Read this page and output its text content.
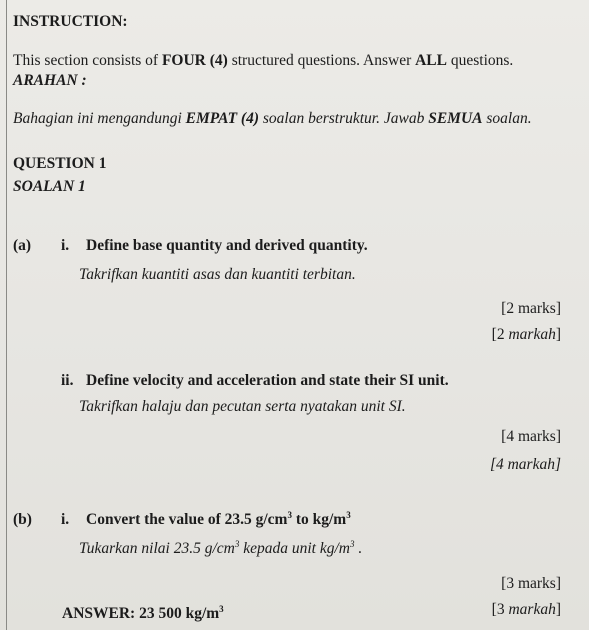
INSTRUCTION:
This section consists of FOUR (4) structured questions. Answer ALL questions.
ARAHAN :
Bahagian ini mengandungi EMPAT (4) soalan berstruktur. Jawab SEMUA soalan.
QUESTION 1
SOALAN 1
(a) i. Define base quantity and derived quantity.
Takrifkan kuantiti asas dan kuantiti terbitan.
[2 marks]
[2 markah]
ii. Define velocity and acceleration and state their SI unit.
Takrifkan halaju dan pecutan serta nyatakan unit SI.
[4 marks]
[4 markah]
(b) i. Convert the value of 23.5 $g/cm^3$ to $kg/m^3$
Tukarkan nilai 23.5 $g/cm^3$ kepada unit $kg/m^3$ .
[3 marks]
ANSWER: 23 500 $kg/m^3$	[3 markah]
